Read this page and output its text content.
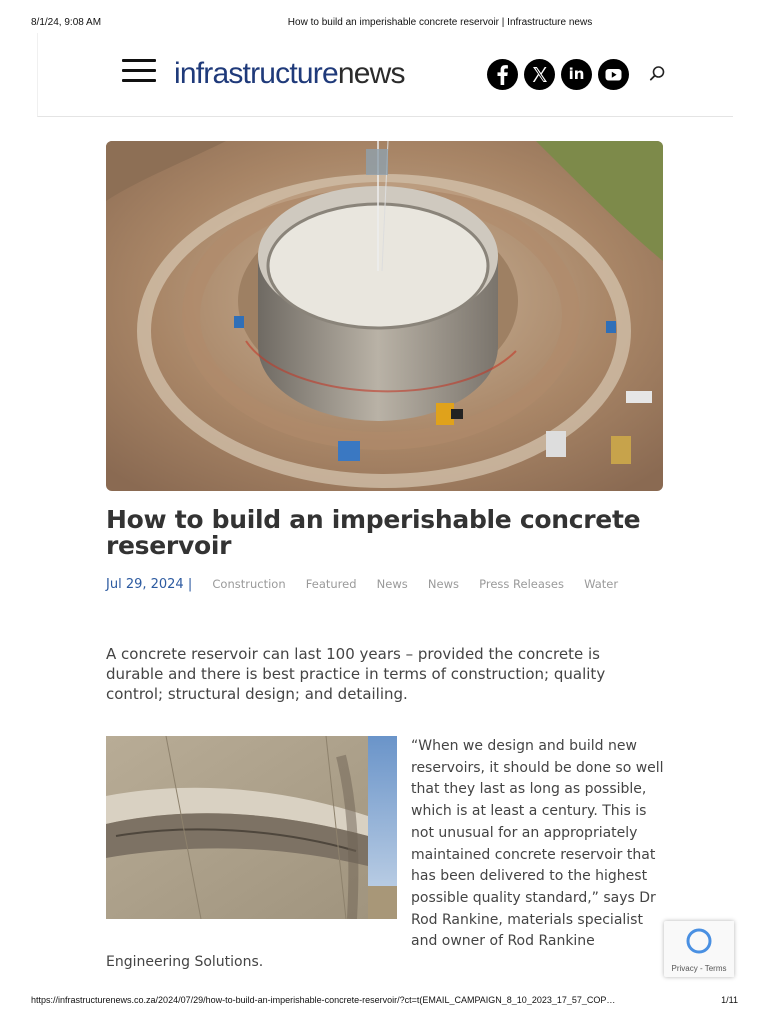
8/1/24, 9:08 AM	How to build an imperishable concrete reservoir | Infrastructure news
infrastructurenews	in
How to build an imperishable concrete reservoir
Jul 29, 2024 | Construction Featured News News Press Releases Water

A concrete reservoir can last 100 years – provided the concrete is durable and there is best practice in terms of construction; quality control; structural design; and detailing.

“When we design and build new reservoirs, it should be done so well that they last as long as possible, which is at least a century. This is not unusual for an appropriately maintained concrete reservoir that has been delivered to the highest possible quality standard,” says Dr Rod Rankine, materials specialist and owner of Rod Rankine

Engineering Solutions.	Privacy - Terms
https://infrastructurenews.co.za/2024/07/29/how-to-build-an-imperishable-concrete-reservoir/?ct=t(EMAIL_CAMPAIGN_8_10_2023_17_57_COP…	1/11
